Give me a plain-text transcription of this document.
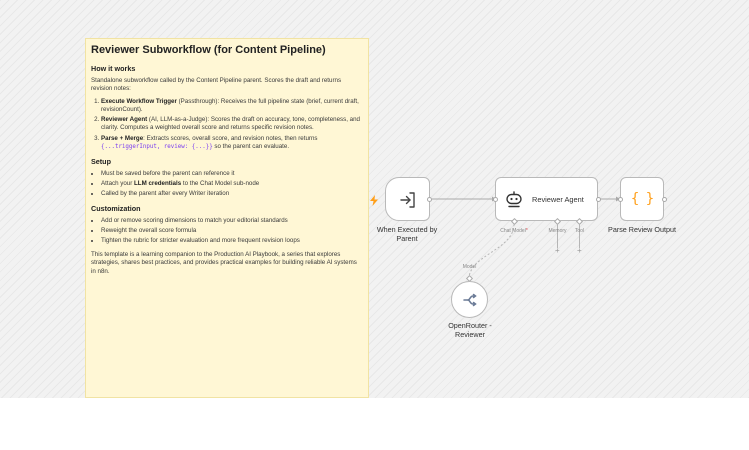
Reviewer Subworkflow (for Content Pipeline)
How it works

Standalone subworkflow called by the Content Pipeline parent. Scores the draft and returns revision notes:

1. Execute Workflow Trigger (Passthrough): Receives the full pipeline state (brief, current draft, revisionCount).
2. Reviewer Agent (AI, LLM-as-a-Judge): Scores the draft on accuracy, tone, completeness, and clarity. Computes a weighted overall score and returns specific revision notes.
3. Parse + Merge: Extracts scores, overall score, and revision notes, then returns {...triggerInput, review: {...}} so the parent can evaluate.
Setup
• Must be saved before the parent can reference it
• Attach your LLM credentials to the Chat Model sub-node
• Called by the parent after every Writer iteration
Customization
• Add or remove scoring dimensions to match your editorial standards
• Reweight the overall score formula
• Tighten the rubric for stricter evaluation and more frequent revision loops

This template is a learning companion to the Production AI Playbook, a series that explores strategies, shares best practices, and provides practical examples for building reliable AI systems in n8n.

When Executed by Parent
Reviewer Agent
Chat Model*	Memory	Tool
+ +
{ }
Parse Review Output
Model
OpenRouter - Reviewer
